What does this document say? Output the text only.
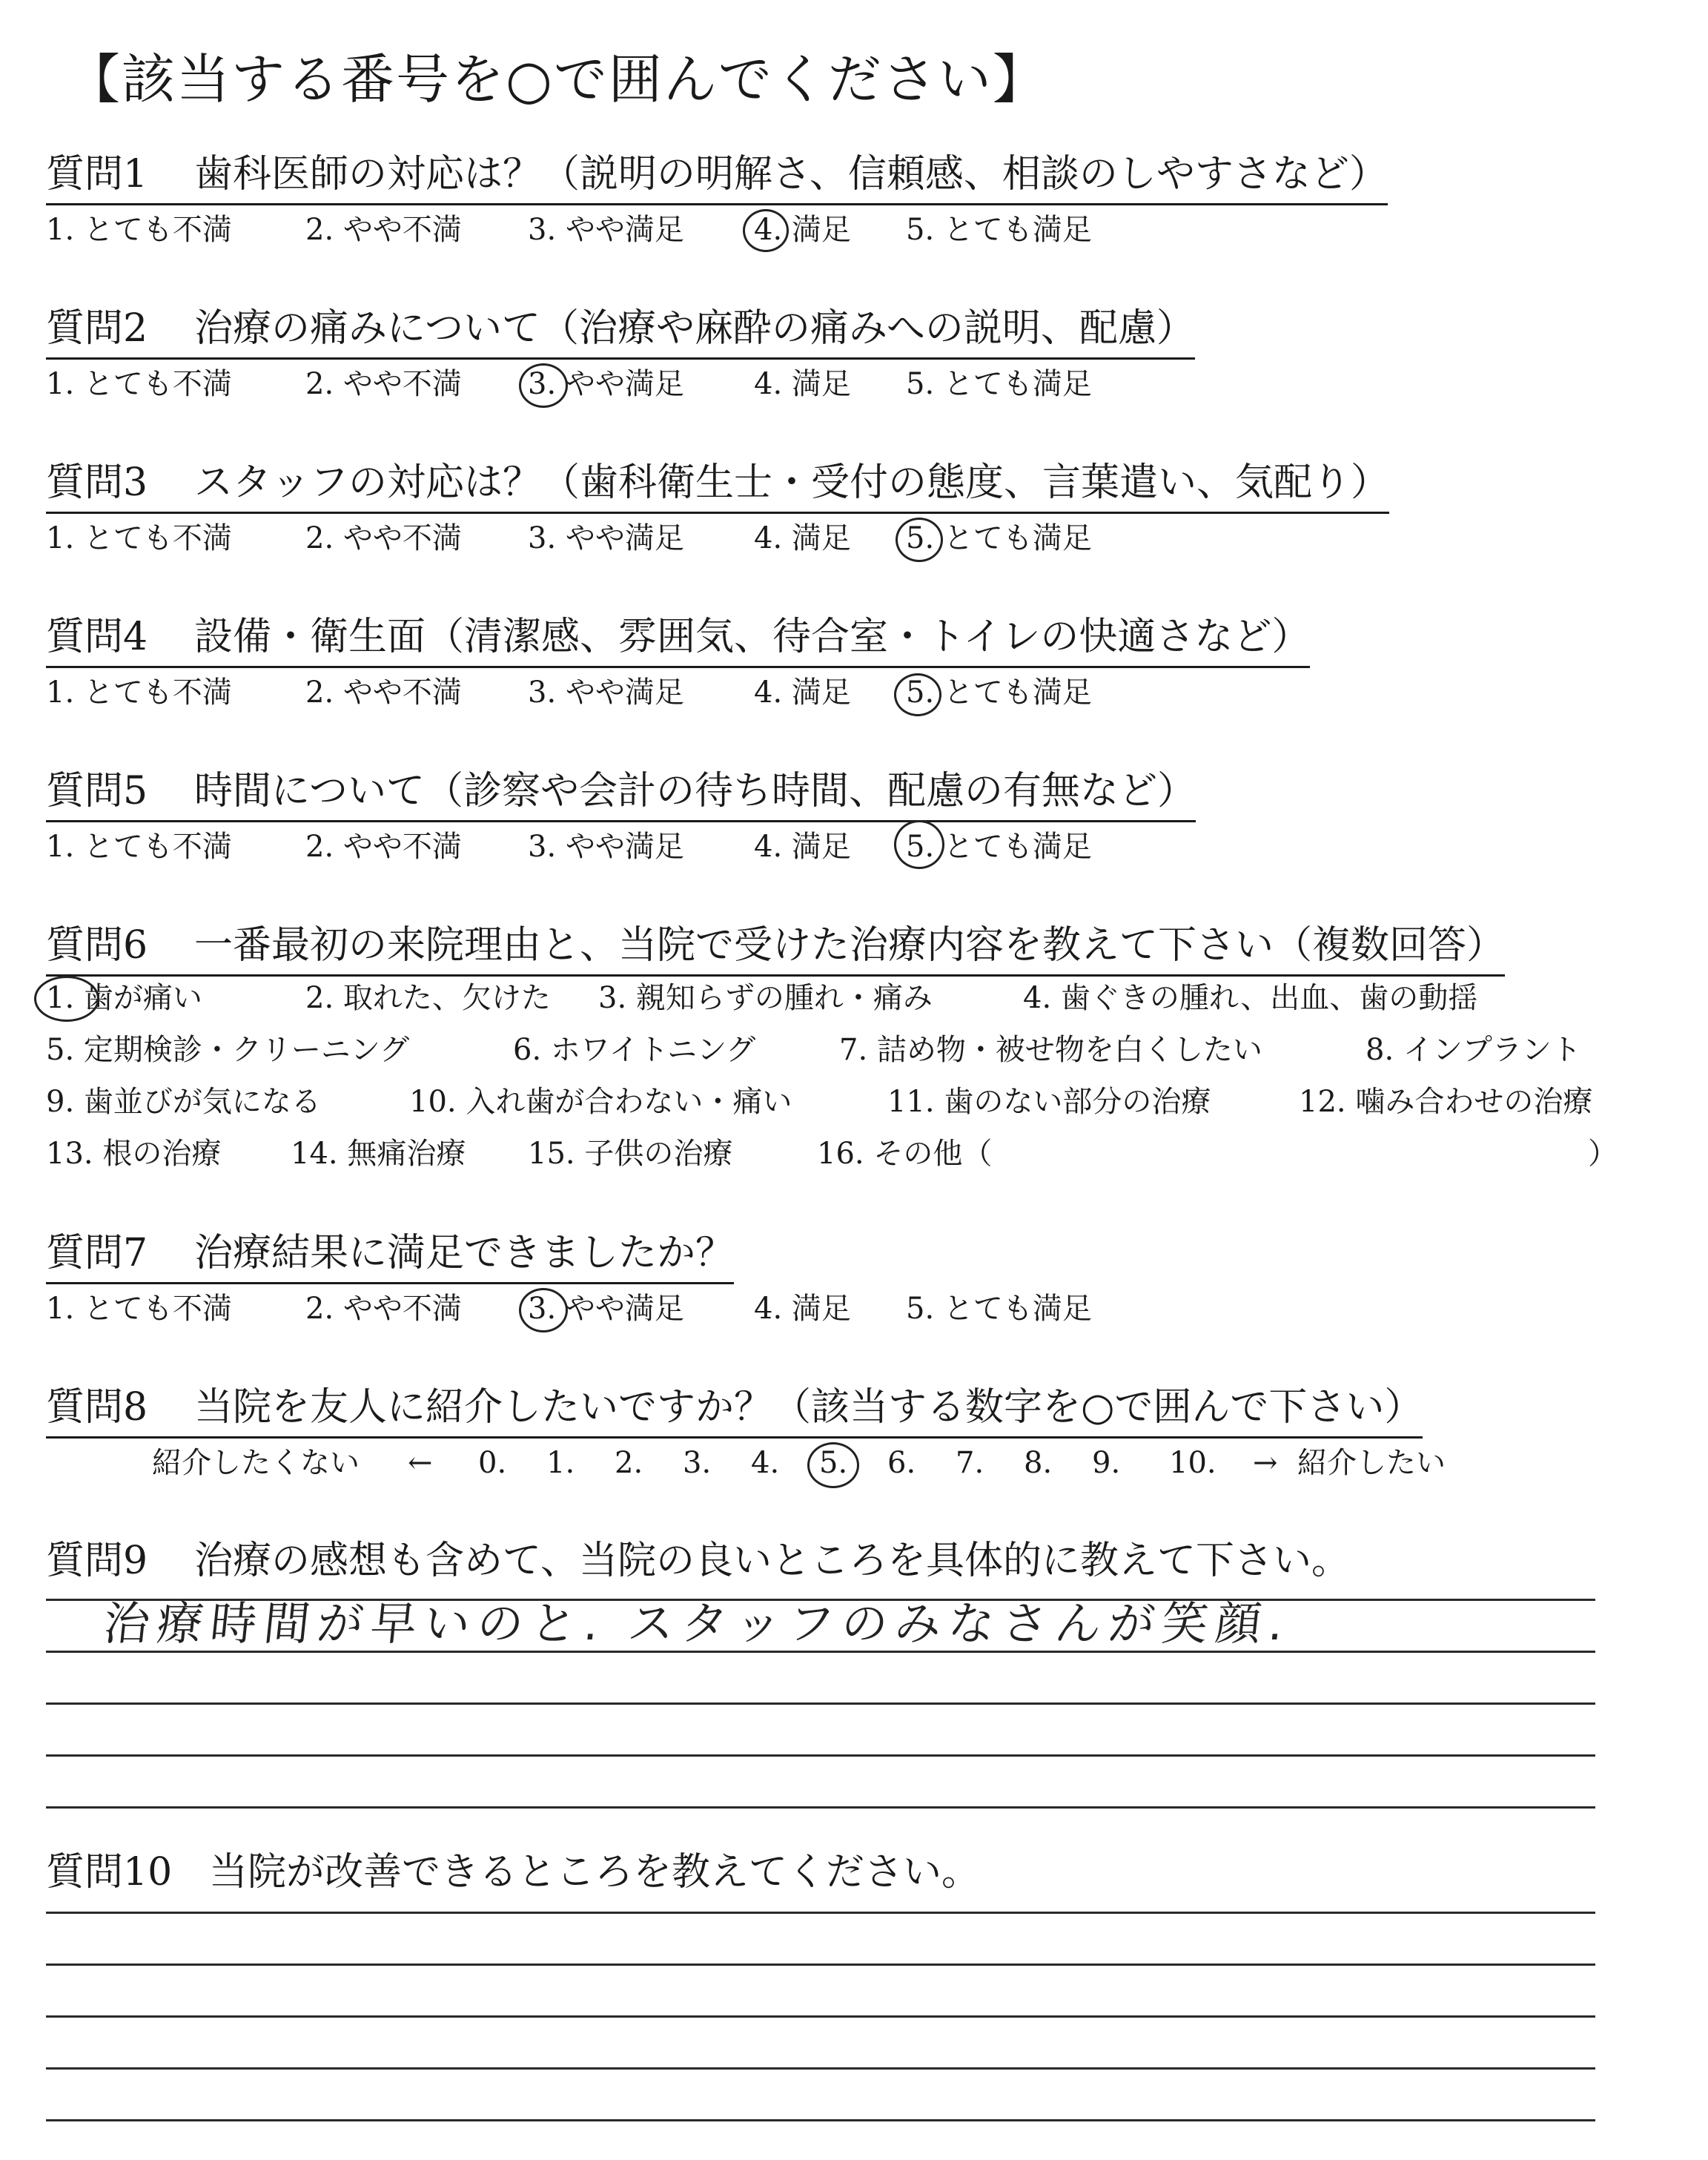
【該当する番号を○で囲んでください】
質問1 歯科医師の対応は？（説明の明解さ、信頼感、相談のしやすさなど）
1. とても不満 2. やや不満 3. やや満足 4. 満足 5. とても満足
質問2 治療の痛みについて（治療や麻酔の痛みへの説明、配慮）
1. とても不満 2. やや不満 3. やや満足 4. 満足 5. とても満足
質問3 スタッフの対応は？（歯科衛生士・受付の態度、言葉遣い、気配り）
1. とても不満 2. やや不満 3. やや満足 4. 満足 5. とても満足
質問4 設備・衛生面（清潔感、雰囲気、待合室・トイレの快適さなど）
1. とても不満 2. やや不満 3. やや満足 4. 満足 5. とても満足
質問5 時間について（診察や会計の待ち時間、配慮の有無など）
1. とても不満 2. やや不満 3. やや満足 4. 満足 5. とても満足
質問6 一番最初の来院理由と、当院で受けた治療内容を教えて下さい（複数回答）
1. 歯が痛い	2. 取れた、欠けた 3. 親知らずの腫れ・痛み	4. 歯ぐきの腫れ、出血、歯の動揺
5. 定期検診・クリーニング	6. ホワイトニング	7. 詰め物・被せ物を白くしたい	8. インプラント
9. 歯並びが気になる	10. 入れ歯が合わない・痛い	11. 歯のない部分の治療	12. 噛み合わせの治療
13. 根の治療 14. 無痛治療 15. 子供の治療	16. その他（	）
質問7 治療結果に満足できましたか？
1. とても不満 2. やや不満 3. やや満足 4. 満足 5. とても満足
質問8 当院を友人に紹介したいですか？（該当する数字を○で囲んで下さい）
紹介したくない ← 0. 1. 2. 3. 4. 5. 6. 7. 8. 9. 10. → 紹介したい
質問9 治療の感想も含めて、当院の良いところを具体的に教えて下さい。
治療時間が早いのと. スタッフのみなさんが笑顔.
質問10 当院が改善できるところを教えてください。
